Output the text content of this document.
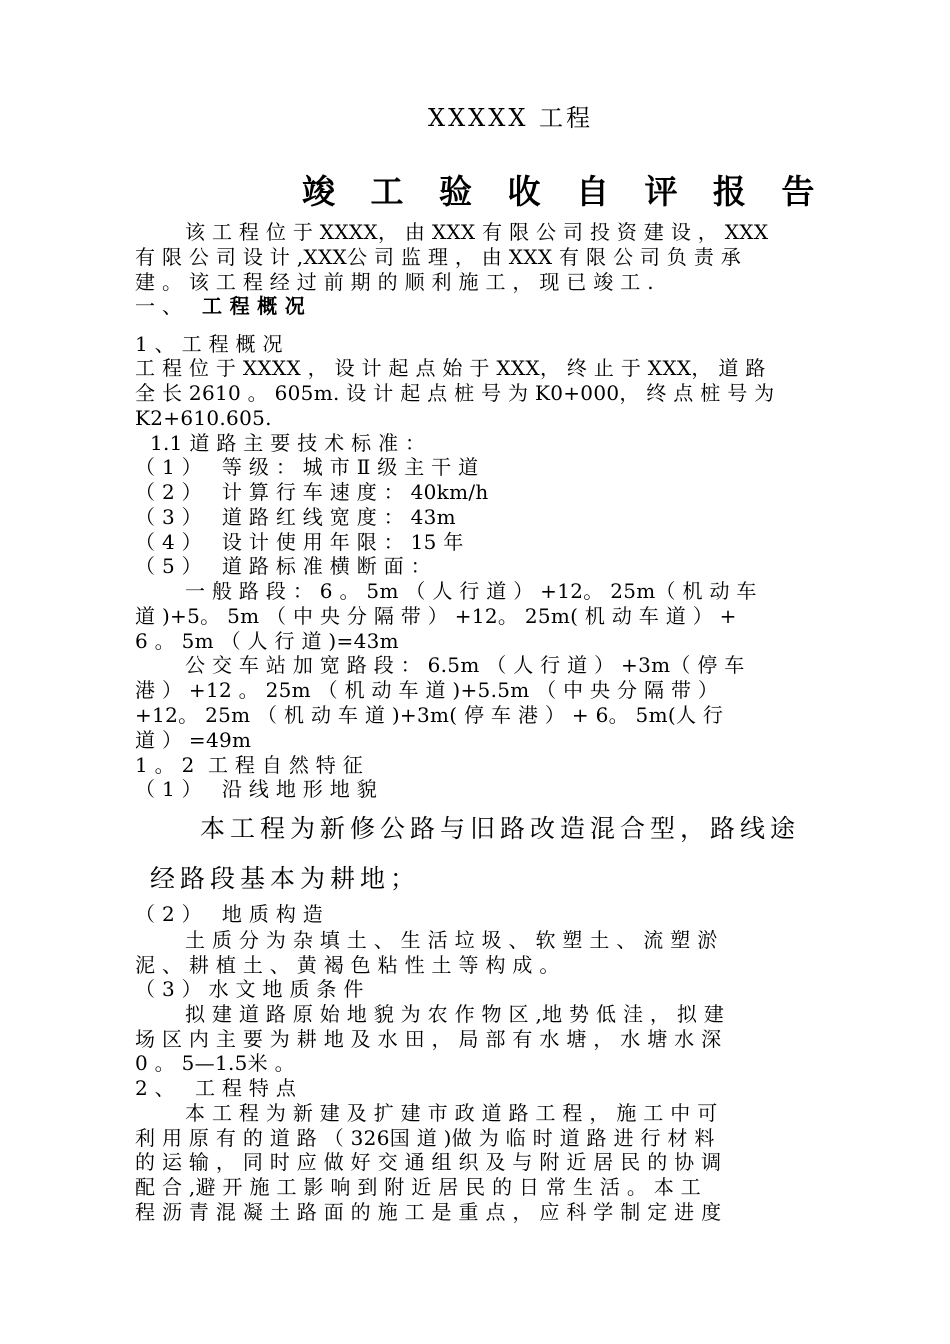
XXXXX 工程
竣 工 验 收 自 评 报 告
该 工 程 位 于 XXXX， 由 XXX 有 限 公 司 投 资 建 设 ， XXX
有 限 公 司 设 计 ,XXX公 司 监 理 ， 由 XXX 有 限 公 司 负 责 承
建 。 该 工 程 经 过 前 期 的 顺 利 施 工 ， 现 已 竣 工 .
一 、 工 程 概 况
1 、 工 程 概 况
工 程 位 于 XXXX ， 设 计 起 点 始 于 XXX， 终 止 于 XXX， 道 路
全 长 2610 。 605m. 设 计 起 点 桩 号 为 K0+000， 终 点 桩 号 为
K2+610.605.
1.1 道 路 主 要 技 术 标 准 ：
（ 1 ）   等 级 ： 城 市 Ⅱ 级 主 干 道
（ 2 ）   计 算 行 车 速 度 ： 40km/h
（ 3 ）   道 路 红 线 宽 度 ： 43m
（ 4 ）   设 计 使 用 年 限 ： 15 年
（ 5 ）   道 路 标 准 横 断 面 ：
一 般 路 段 ： 6 。 5m （ 人 行 道 ） +12。 25m（ 机 动 车
道 )+5。 5m （ 中 央 分 隔 带 ） +12。 25m( 机 动 车 道 ） +
6 。 5m （ 人 行 道 )=43m
公 交 车 站 加 宽 路 段 ： 6.5m （ 人 行 道 ） +3m（ 停 车
港 ） +12 。 25m （ 机 动 车 道 )+5.5m （ 中 央 分 隔 带 ）
+12。 25m （ 机 动 车 道 )+3m( 停 车 港 ） + 6。 5m(人 行
道 ） =49m
1 。 2  工 程 自 然 特 征
（ 1 ）   沿 线 地 形 地 貌
本工程为新修公路与旧路改造混合型，路线途
经路段基本为耕地；
（ 2 ）   地 质 构 造
土 质 分 为 杂 填 土 、 生 活 垃 圾 、 软 塑 土 、 流 塑 淤
泥 、 耕 植 土 、 黄 褐 色 粘 性 土 等 构 成 。
（ 3 ） 水 文 地 质 条 件
拟 建 道 路 原 始 地 貌 为 农 作 物 区 ,地 势 低 洼 ， 拟 建
场 区 内 主 要 为 耕 地 及 水 田 ， 局 部 有 水 塘 ， 水 塘 水 深
0 。 5—1.5米 。
2 、   工 程 特 点
本 工 程 为 新 建 及 扩 建 市 政 道 路 工 程 ， 施 工 中 可
利 用 原 有 的 道 路 （ 326国 道 )做 为 临 时 道 路 进 行 材 料
的 运 输 ， 同 时 应 做 好 交 通 组 织 及 与 附 近 居 民 的 协 调
配 合 ,避 开 施 工 影 响 到 附 近 居 民 的 日 常 生 活 。 本 工
程 沥 青 混 凝 土 路 面 的 施 工 是 重 点 ， 应 科 学 制 定 进 度
